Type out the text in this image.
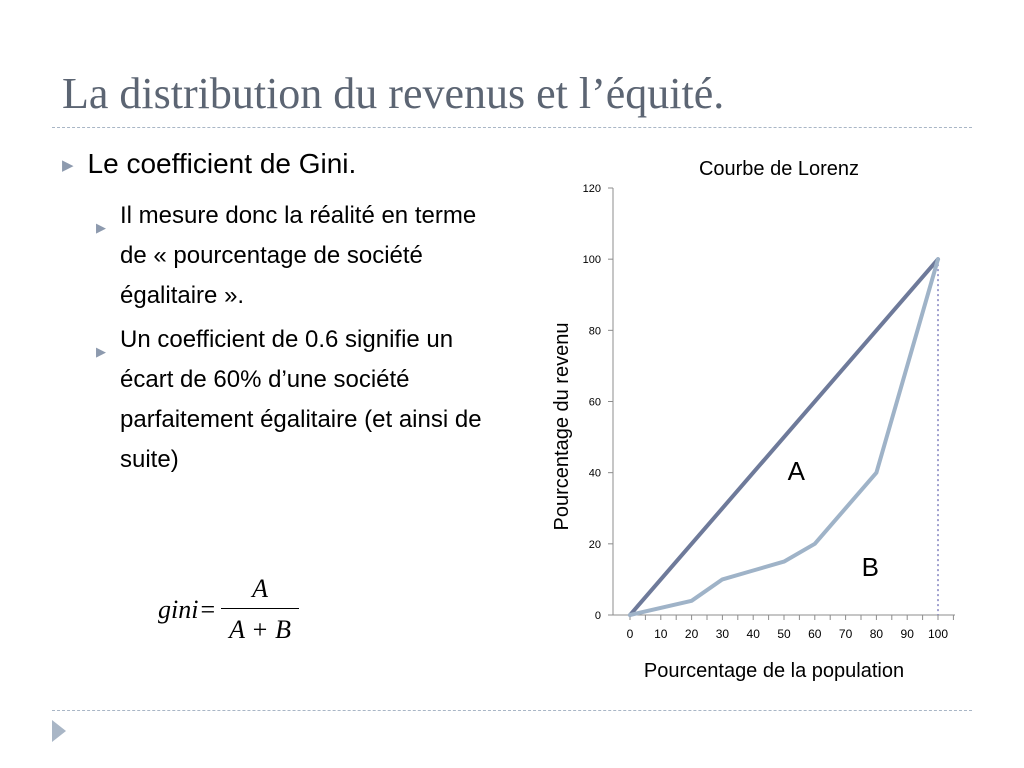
La distribution du revenus et l’équité.
▶ Le coefficient de Gini.
▶ Il mesure donc la réalité en terme de « pourcentage de société égalitaire ».
▶ Un coefficient de 0.6 signifie un écart de 60% d’une société parfaitement égalitaire (et ainsi de suite)
gini = $\frac{A}{A + B}$
Courbe de Lorenz
Pourcentage du revenu
Pourcentage de la population
0
20
40
60
80
100
120
0 10 20 30 40 50 60 70 80 90 100
A
B
